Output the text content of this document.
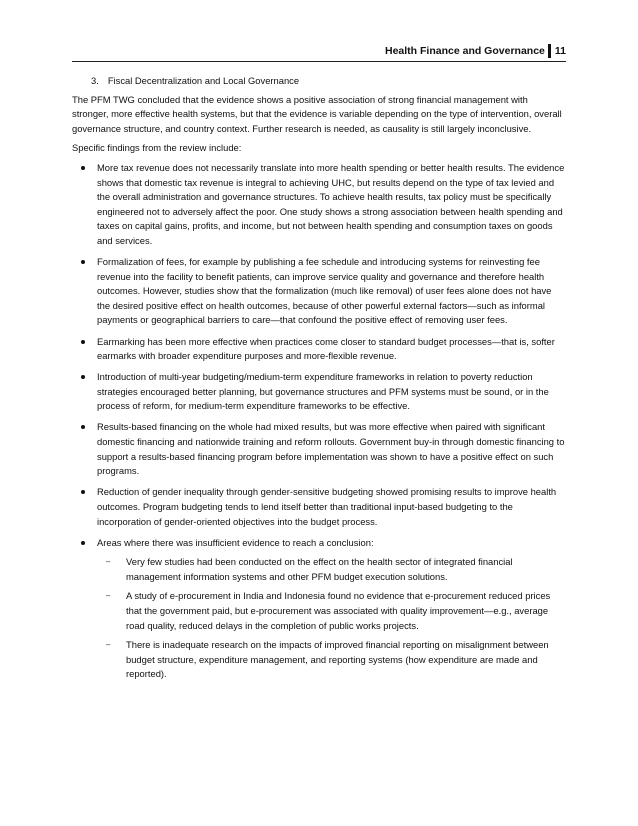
Health Finance and Governance 11
3. Fiscal Decentralization and Local Governance

The PFM TWG concluded that the evidence shows a positive association of strong financial management with stronger, more effective health systems, but that the evidence is variable depending on the type of intervention, overall governance structure, and country context. Further research is needed, as causality is still largely inconclusive.

Specific findings from the review include:

More tax revenue does not necessarily translate into more health spending or better health results. The evidence shows that domestic tax revenue is integral to achieving UHC, but results depend on the type of tax levied and the overall administration and governance structures. To achieve health results, tax policy must be specifically engineered not to adversely affect the poor. One study shows a strong association between health spending and taxes on capital gains, profits, and income, but not between health spending and consumption taxes on goods and services.
Formalization of fees, for example by publishing a fee schedule and introducing systems for reinvesting fee revenue into the facility to benefit patients, can improve service quality and governance and therefore health outcomes. However, studies show that the formalization (much like removal) of user fees alone does not have the desired positive effect on health outcomes, because of other powerful external factors—such as informal payments or geographical barriers to care—that confound the positive effect of removing user fees.
Earmarking has been more effective when practices come closer to standard budget processes—that is, softer earmarks with broader expenditure purposes and more-flexible revenue.
Introduction of multi-year budgeting/medium-term expenditure frameworks in relation to poverty reduction strategies encouraged better planning, but governance structures and PFM systems must be sound, or in the process of reform, for medium-term expenditure frameworks to be effective.
Results-based financing on the whole had mixed results, but was more effective when paired with significant domestic financing and nationwide training and reform rollouts. Government buy-in through domestic financing to support a results-based financing program before implementation was shown to have a positive effect on such programs.
Reduction of gender inequality through gender-sensitive budgeting showed promising results to improve health outcomes. Program budgeting tends to lend itself better than traditional input-based budgeting to the incorporation of gender-oriented objectives into the budget process.
Areas where there was insufficient evidence to reach a conclusion:
– Very few studies had been conducted on the effect on the health sector of integrated financial management information systems and other PFM budget execution solutions.
– A study of e-procurement in India and Indonesia found no evidence that e-procurement reduced prices that the government paid, but e-procurement was associated with quality improvement—e.g., average road quality, reduced delays in the completion of public works projects.
– There is inadequate research on the impacts of improved financial reporting on misalignment between budget structure, expenditure management, and reporting systems (how expenditure are made and reported).
